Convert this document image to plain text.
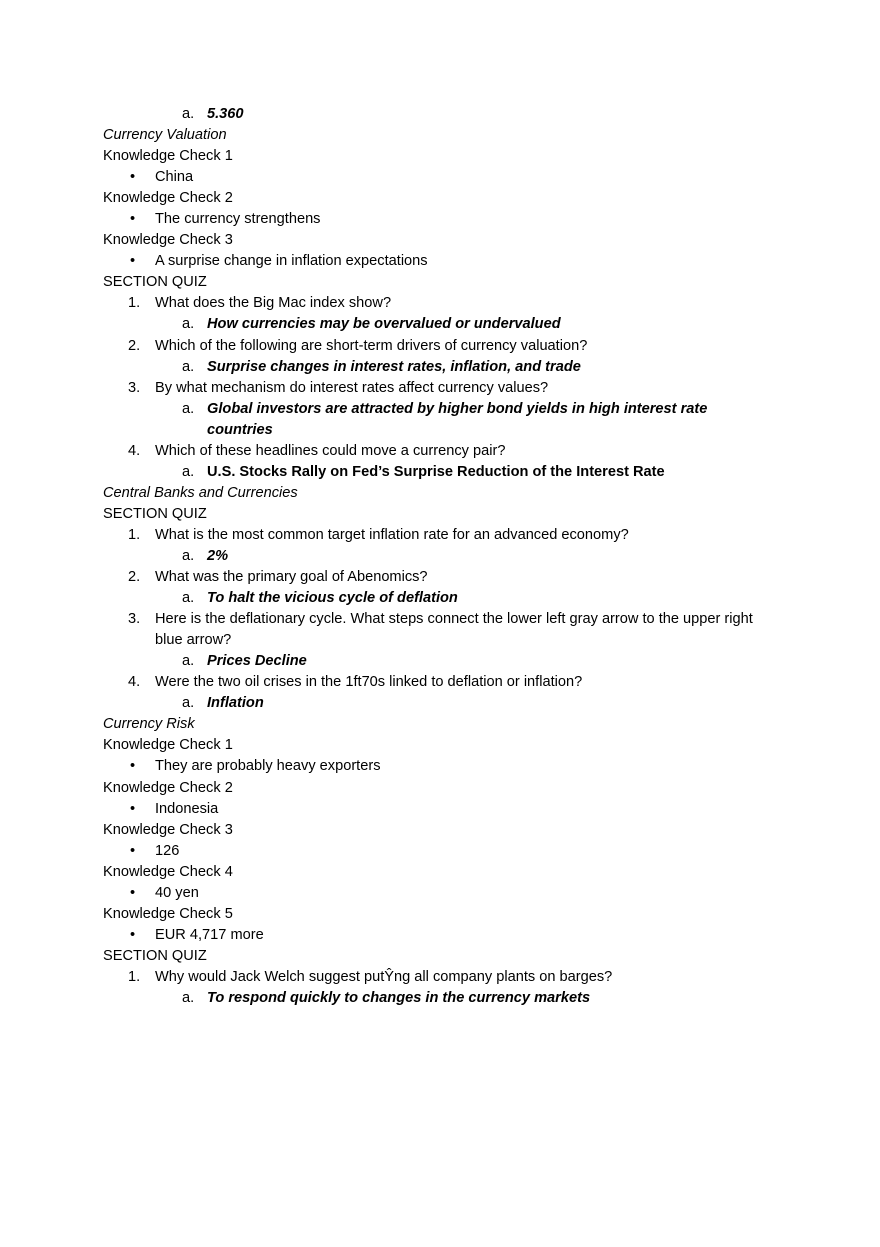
a. 5.360
Currency Valuation
Knowledge Check 1
• China
Knowledge Check 2
• The currency strengthens
Knowledge Check 3
• A surprise change in inflation expectations
SECTION QUIZ
1. What does the Big Mac index show?
a. How currencies may be overvalued or undervalued
2. Which of the following are short-term drivers of currency valuation?
a. Surprise changes in interest rates, inflation, and trade
3. By what mechanism do interest rates affect currency values?
a. Global investors are attracted by higher bond yields in high interest rate countries
4. Which of these headlines could move a currency pair?
a. U.S. Stocks Rally on Fed’s Surprise Reduction of the Interest Rate
Central Banks and Currencies
SECTION QUIZ
1. What is the most common target inflation rate for an advanced economy?
a. 2%
2. What was the primary goal of Abenomics?
a. To halt the vicious cycle of deflation
3. Here is the deflationary cycle. What steps connect the lower left gray arrow to the upper right blue arrow?
a. Prices Decline
4. Were the two oil crises in the 1ft70s linked to deflation or inflation?
a. Inflation
Currency Risk
Knowledge Check 1
• They are probably heavy exporters
Knowledge Check 2
• Indonesia
Knowledge Check 3
• 126
Knowledge Check 4
• 40 yen
Knowledge Check 5
• EUR 4,717 more
SECTION QUIZ
1. Why would Jack Welch suggest putŶng all company plants on barges?
a. To respond quickly to changes in the currency markets
